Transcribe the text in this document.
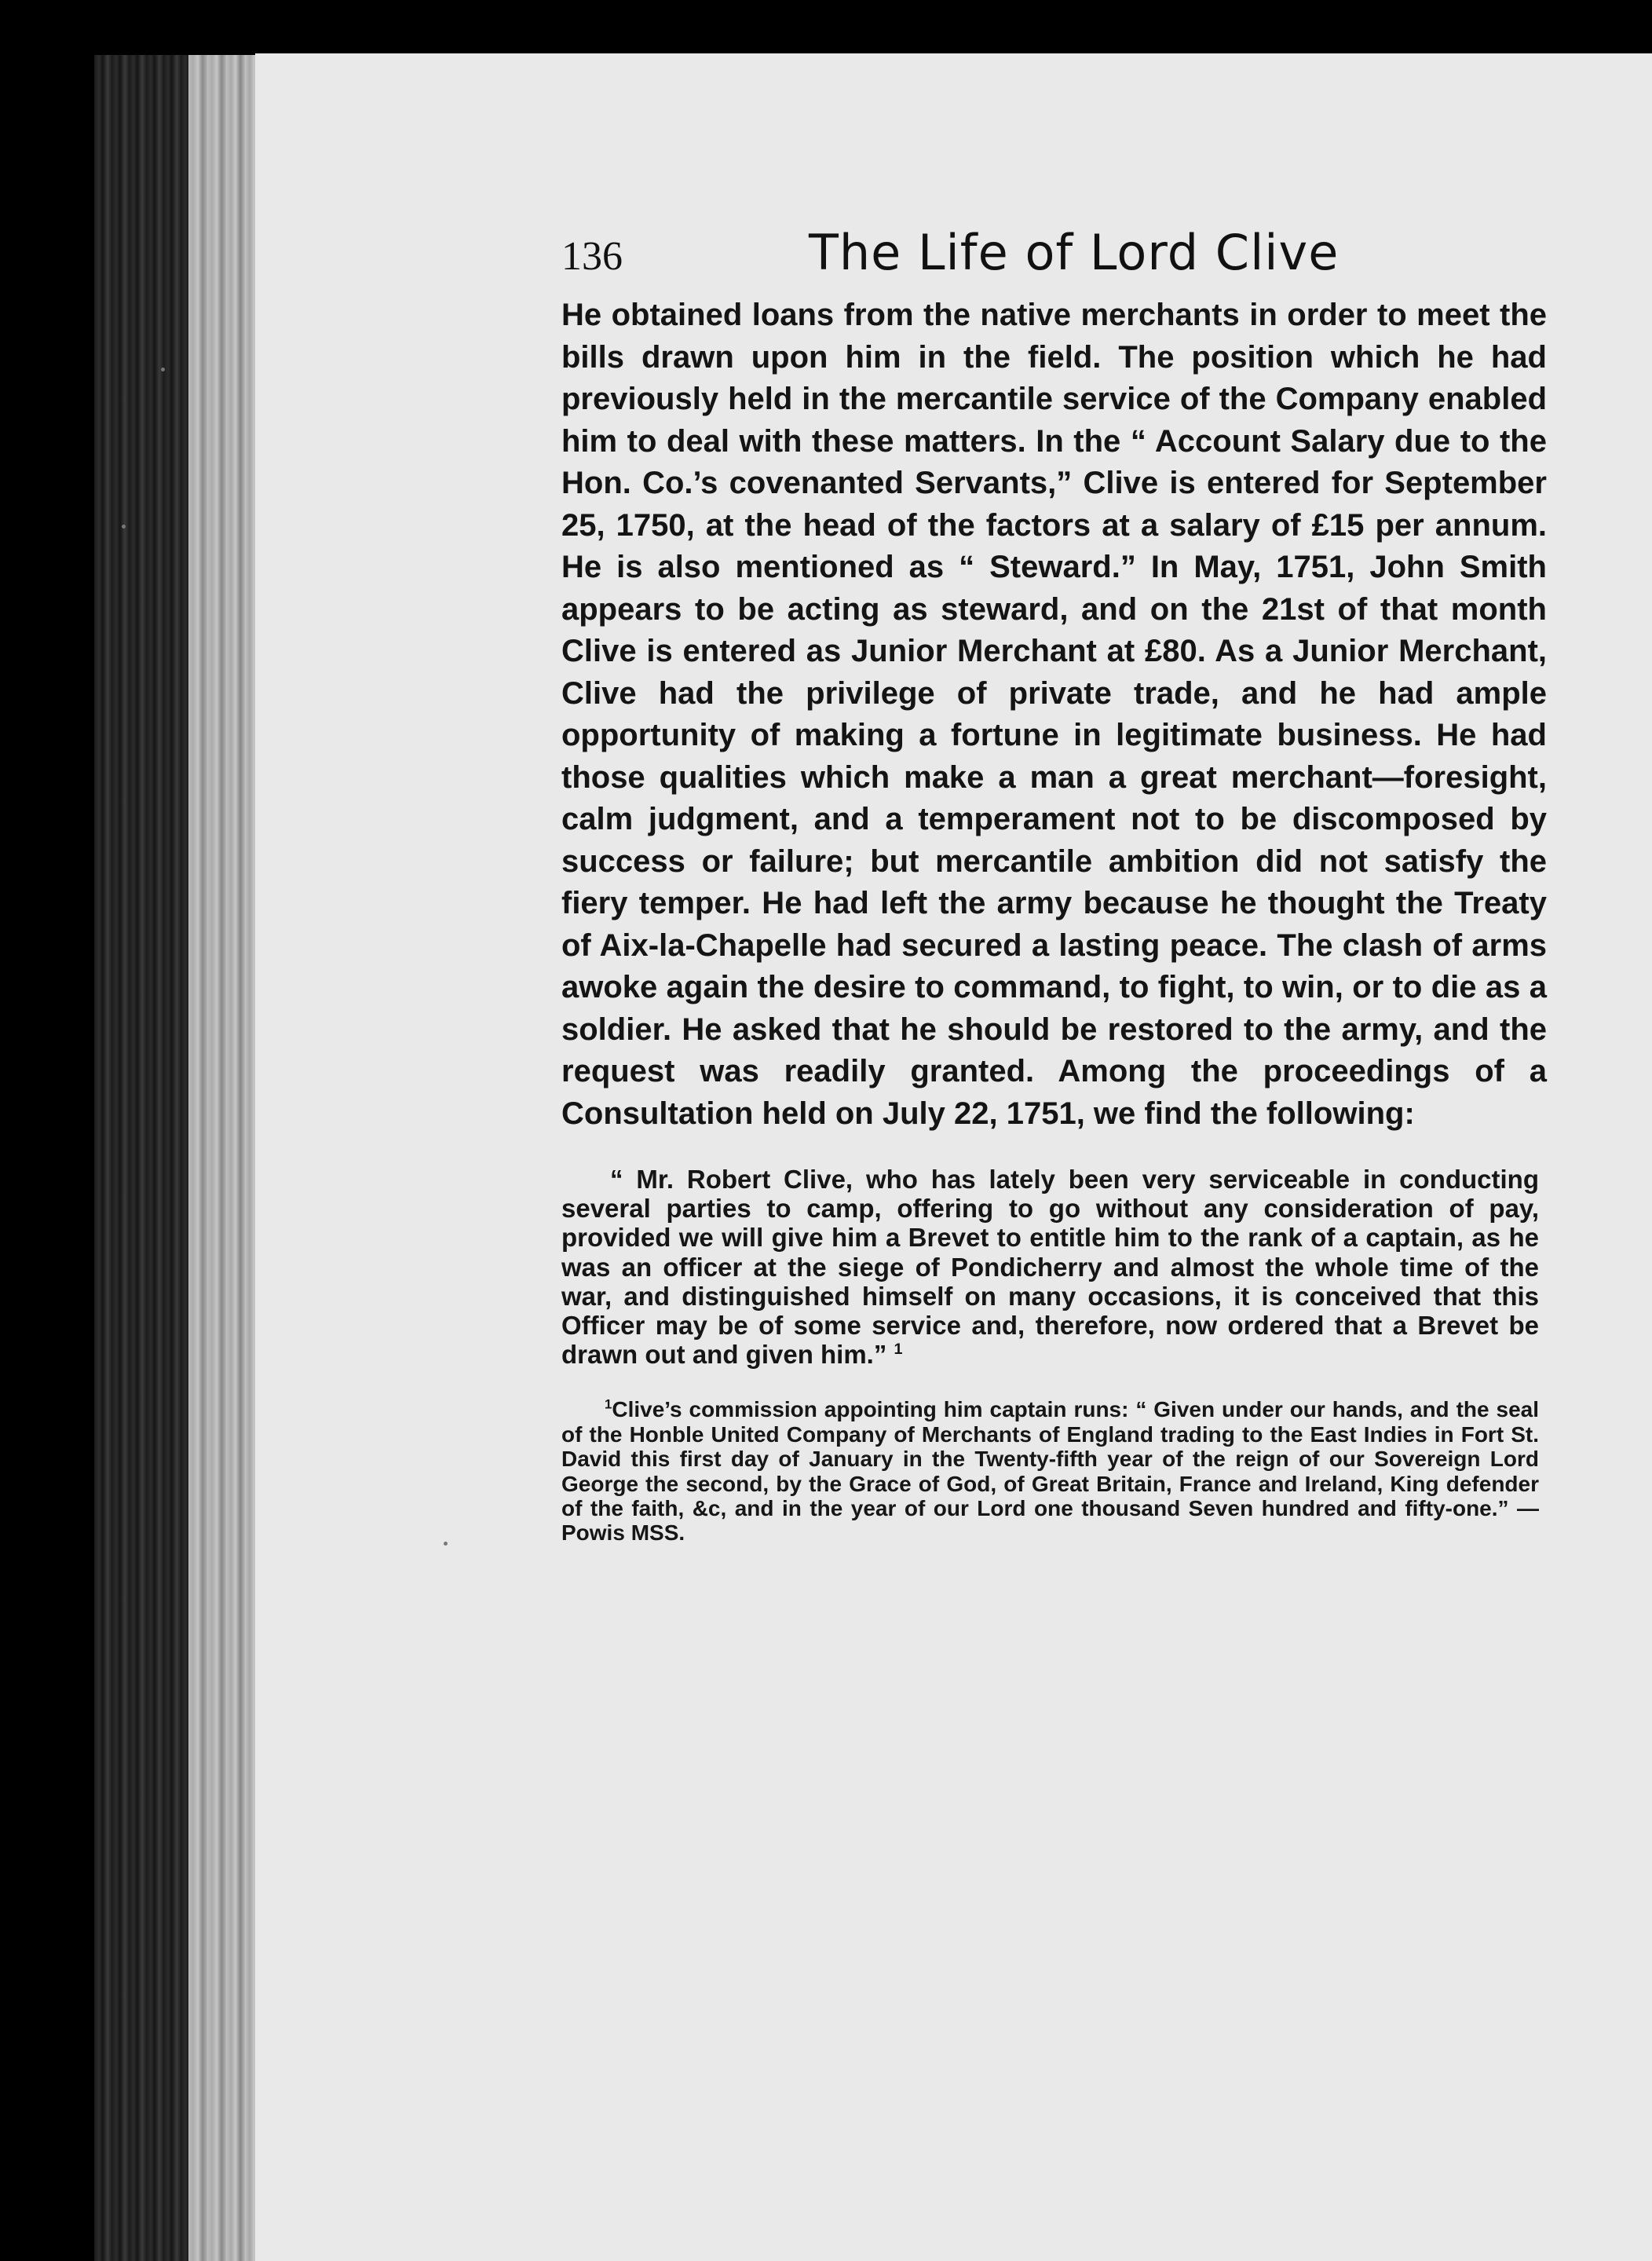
136	The Life of Lord Clive

He obtained loans from the native merchants in order to meet the bills drawn upon him in the field. The position which he had previously held in the mercantile service of the Company enabled him to deal with these matters. In the “ Account Salary due to the Hon. Co.’s covenanted Servants,” Clive is entered for September 25, 1750, at the head of the factors at a salary of £15 per annum. He is also mentioned as “ Steward.” In May, 1751, John Smith appears to be acting as steward, and on the 21st of that month Clive is entered as Junior Merchant at £80. As a Junior Merchant, Clive had the privilege of private trade, and he had ample opportunity of making a fortune in legitimate business. He had those qualities which make a man a great merchant—foresight, calm judgment, and a temperament not to be discomposed by success or failure; but mercantile ambition did not satisfy the fiery temper. He had left the army because he thought the Treaty of Aix-la-Chapelle had secured a lasting peace. The clash of arms awoke again the desire to command, to fight, to win, or to die as a soldier. He asked that he should be restored to the army, and the request was readily granted. Among the proceedings of a Consultation held on July 22, 1751, we find the following:

“ Mr. Robert Clive, who has lately been very serviceable in conducting several parties to camp, offering to go without any consideration of pay, provided we will give him a Brevet to entitle him to the rank of a captain, as he was an officer at the siege of Pondicherry and almost the whole time of the war, and distinguished himself on many occasions, it is conceived that this Officer may be of some service and, therefore, now ordered that a Brevet be drawn out and given him.” $^1$

$^1$Clive’s commission appointing him captain runs: “ Given under our hands, and the seal of the Honble United Company of Merchants of England trading to the East Indies in Fort St. David this first day of January in the Twenty-fifth year of the reign of our Sovereign Lord George the second, by the Grace of God, of Great Britain, France and Ireland, King defender of the faith, &c, and in the year of our Lord one thousand Seven hundred and fifty-one.” —Powis MSS.
